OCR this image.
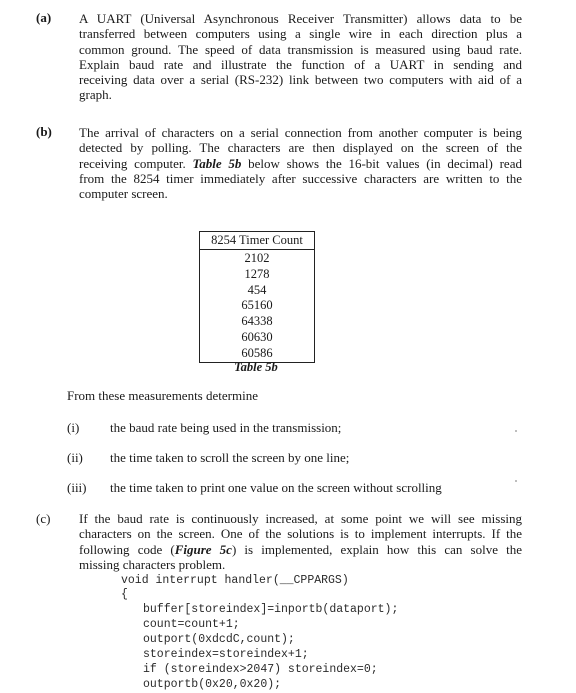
(a) A UART (Universal Asynchronous Receiver Transmitter) allows data to be
transferred between computers using a single wire in each direction plus a
common ground. The speed of data transmission is measured using baud rate.
Explain baud rate and illustrate the function of a UART in sending and
receiving data over a serial (RS-232) link between two computers with aid of a
graph.
(b) The arrival of characters on a serial connection from another computer is being
detected by polling. The characters are then displayed on the screen of the
receiving computer. Table 5b below shows the 16-bit values (in decimal) read
from the 8254 timer immediately after successive characters are written to the
computer screen.
8254 Timer Count
2102
1278
454
65160
64338
60630
60586
Table 5b
From these measurements determine
(i) the baud rate being used in the transmission;
(ii) the time taken to scroll the screen by one line;
(iii) the time taken to print one value on the screen without scrolling
(c) If the baud rate is continuously increased, at some point we will see missing
characters on the screen. One of the solutions is to implement interrupts. If the
following code (Figure 5c) is implemented, explain how this can solve the
missing characters problem.
void interrupt handler(__CPPARGS)
{
buffer[storeindex]=inportb(dataport);
count=count+1;
outport(0xdcdC,count);
storeindex=storeindex+1;
if (storeindex>2047) storeindex=0;
outportb(0x20,0x20);
